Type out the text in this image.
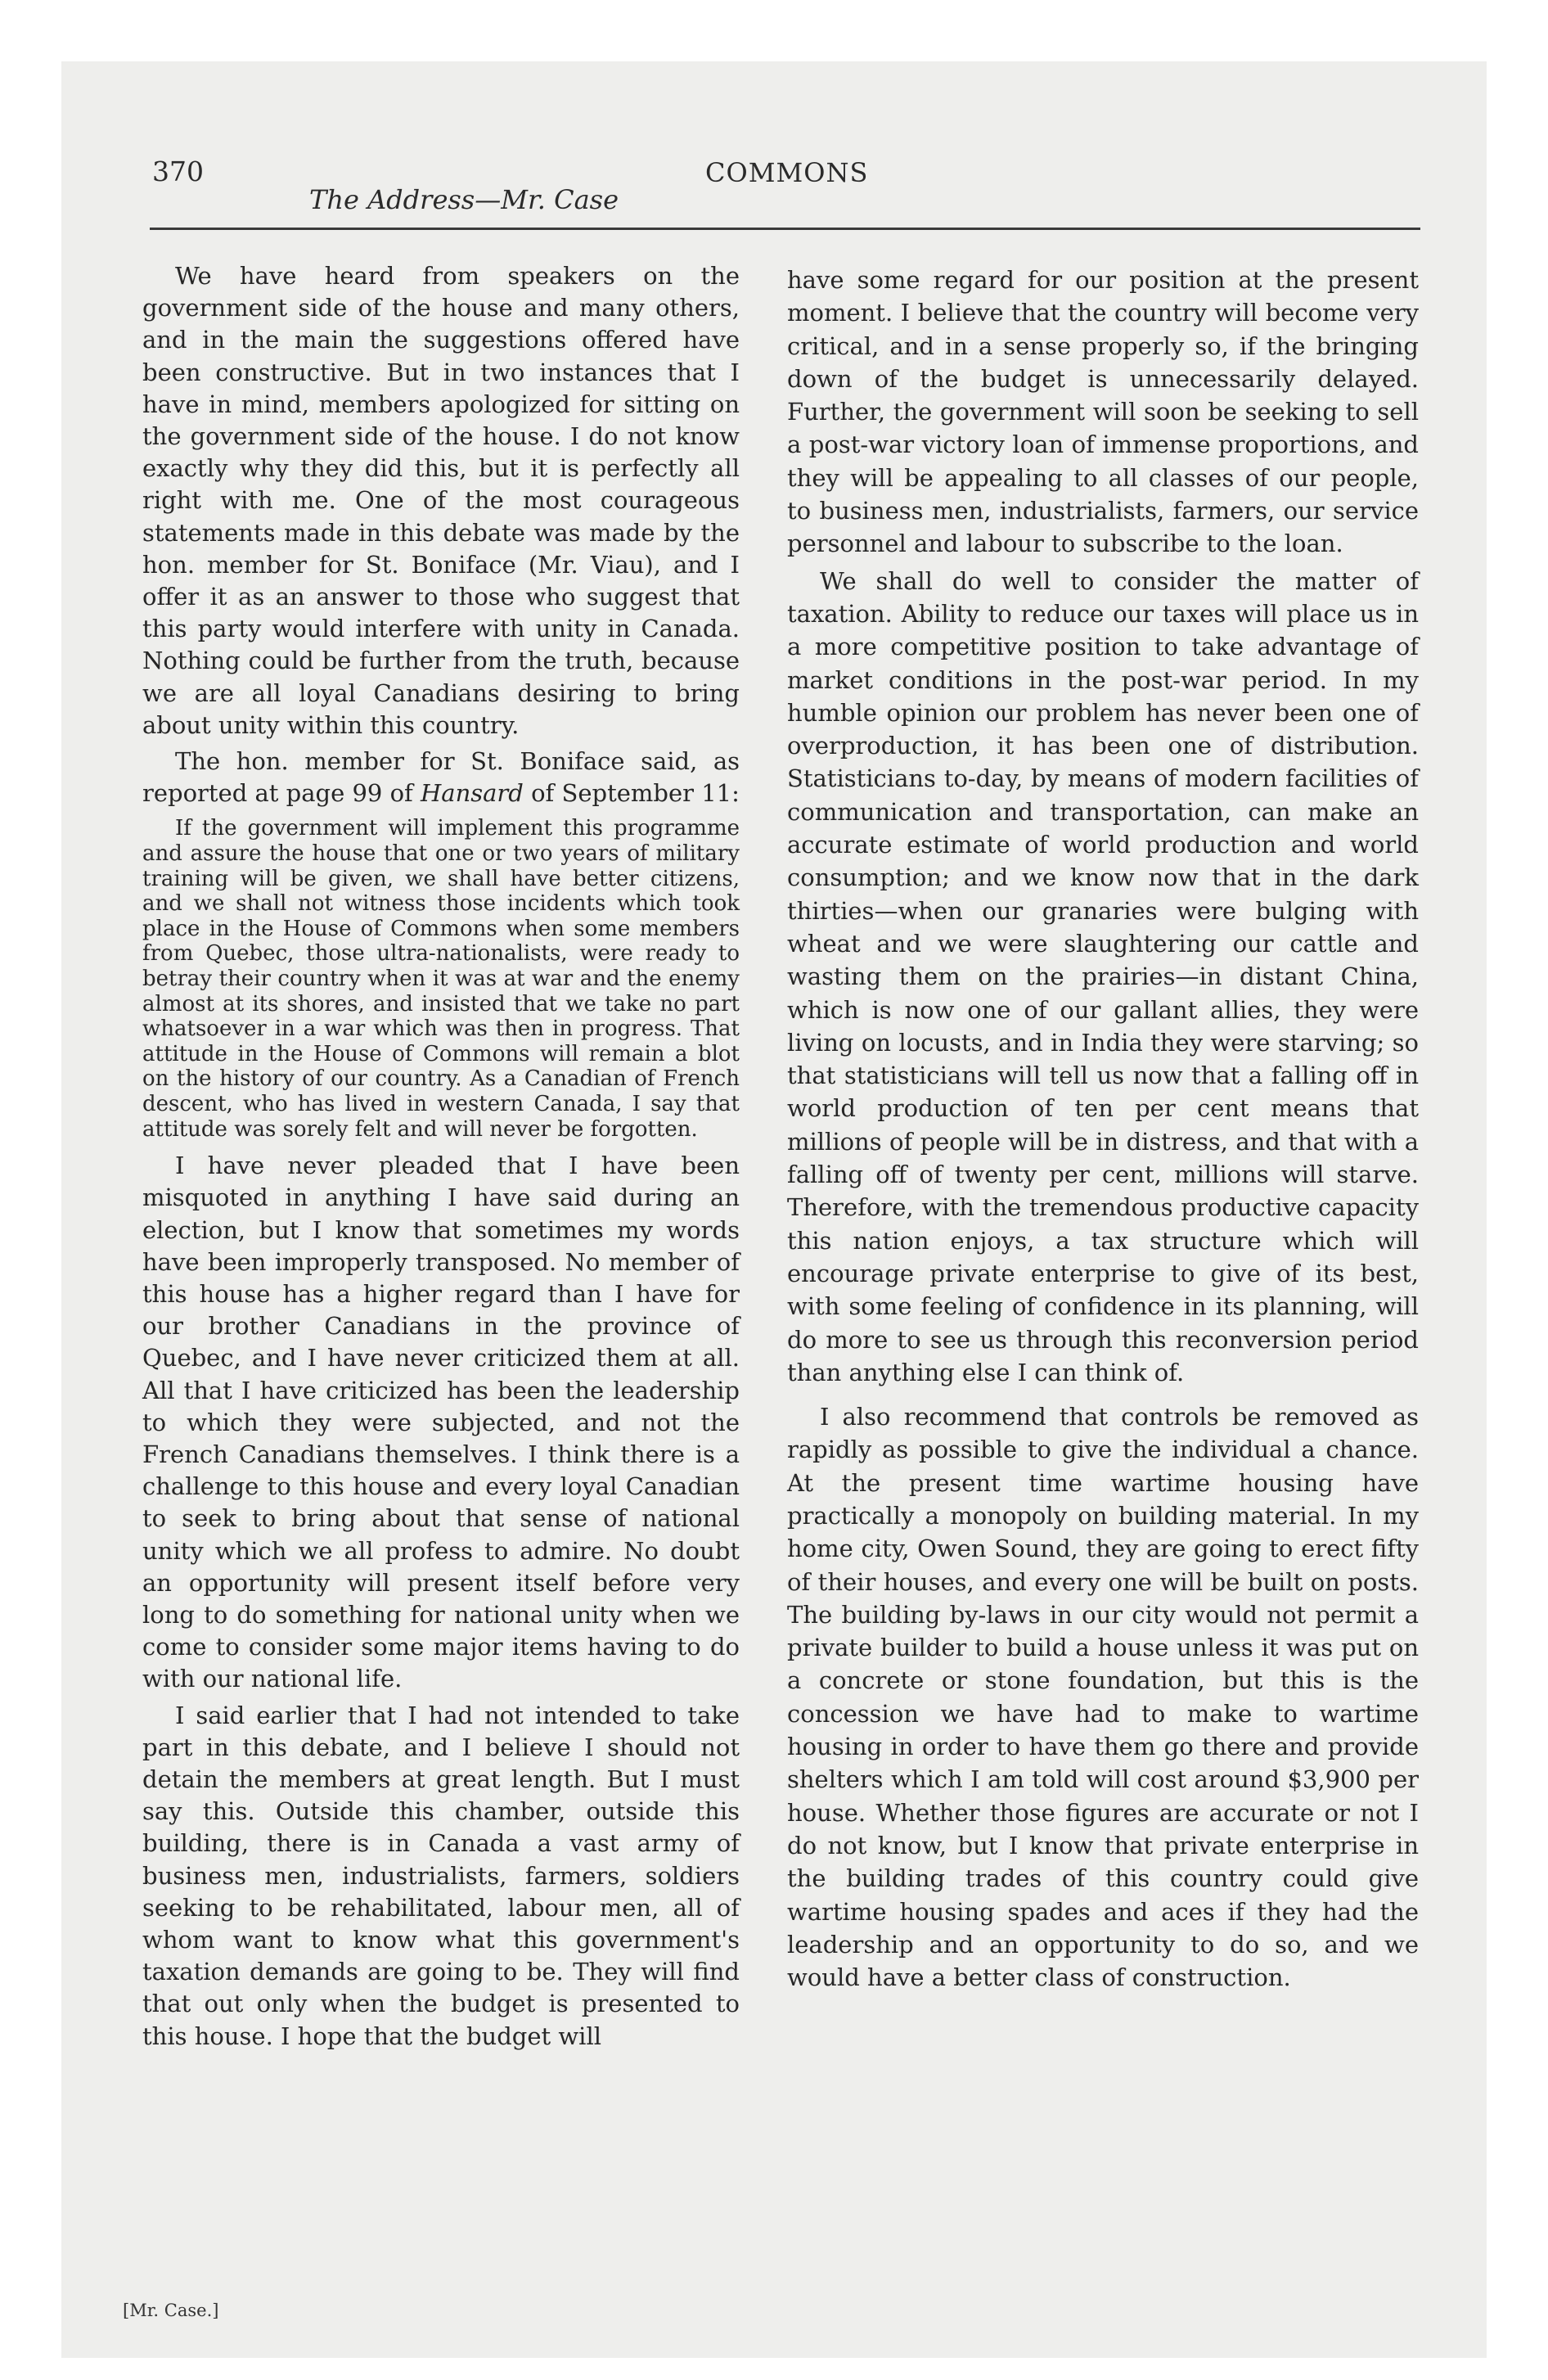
370	COMMONS
The Address—Mr. Case

We have heard from speakers on the government side of the house and many others, and in the main the suggestions offered have been constructive. But in two instances that I have in mind, members apologized for sitting on the government side of the house. I do not know exactly why they did this, but it is perfectly all right with me. One of the most courageous statements made in this debate was made by the hon. member for St. Boniface (Mr. Viau), and I offer it as an answer to those who suggest that this party would interfere with unity in Canada. Nothing could be further from the truth, because we are all loyal Canadians desiring to bring about unity within this country.

The hon. member for St. Boniface said, as reported at page 99 of Hansard of September 11:

If the government will implement this programme and assure the house that one or two years of military training will be given, we shall have better citizens, and we shall not witness those incidents which took place in the House of Commons when some members from Quebec, those ultra-nationalists, were ready to betray their country when it was at war and the enemy almost at its shores, and insisted that we take no part whatsoever in a war which was then in progress. That attitude in the House of Commons will remain a blot on the history of our country. As a Canadian of French descent, who has lived in western Canada, I say that attitude was sorely felt and will never be forgotten.

I have never pleaded that I have been misquoted in anything I have said during an election, but I know that sometimes my words have been improperly transposed. No member of this house has a higher regard than I have for our brother Canadians in the province of Quebec, and I have never criticized them at all. All that I have criticized has been the leadership to which they were subjected, and not the French Canadians themselves. I think there is a challenge to this house and every loyal Canadian to seek to bring about that sense of national unity which we all profess to admire. No doubt an opportunity will present itself before very long to do something for national unity when we come to consider some major items having to do with our national life.

I said earlier that I had not intended to take part in this debate, and I believe I should not detain the members at great length. But I must say this. Outside this chamber, outside this building, there is in Canada a vast army of business men, industrialists, farmers, soldiers seeking to be rehabilitated, labour men, all of whom want to know what this government's taxation demands are going to be. They will find that out only when the budget is presented to this house. I hope that the budget will

have some regard for our position at the present moment. I believe that the country will become very critical, and in a sense properly so, if the bringing down of the budget is unnecessarily delayed. Further, the government will soon be seeking to sell a post-war victory loan of immense proportions, and they will be appealing to all classes of our people, to business men, industrialists, farmers, our service personnel and labour to subscribe to the loan.

We shall do well to consider the matter of taxation. Ability to reduce our taxes will place us in a more competitive position to take advantage of market conditions in the post-war period. In my humble opinion our problem has never been one of overproduction, it has been one of distribution. Statisticians to-day, by means of modern facilities of communication and transportation, can make an accurate estimate of world production and world consumption; and we know now that in the dark thirties—when our granaries were bulging with wheat and we were slaughtering our cattle and wasting them on the prairies—in distant China, which is now one of our gallant allies, they were living on locusts, and in India they were starving; so that statisticians will tell us now that a falling off in world production of ten per cent means that millions of people will be in distress, and that with a falling off of twenty per cent, millions will starve. Therefore, with the tremendous productive capacity this nation enjoys, a tax structure which will encourage private enterprise to give of its best, with some feeling of confidence in its planning, will do more to see us through this reconversion period than anything else I can think of.

I also recommend that controls be removed as rapidly as possible to give the individual a chance. At the present time wartime housing have practically a monopoly on building material. In my home city, Owen Sound, they are going to erect fifty of their houses, and every one will be built on posts. The building by-laws in our city would not permit a private builder to build a house unless it was put on a concrete or stone foundation, but this is the concession we have had to make to wartime housing in order to have them go there and provide shelters which I am told will cost around $3,900 per house. Whether those figures are accurate or not I do not know, but I know that private enterprise in the building trades of this country could give wartime housing spades and aces if they had the leadership and an opportunity to do so, and we would have a better class of construction.

[Mr. Case.]
